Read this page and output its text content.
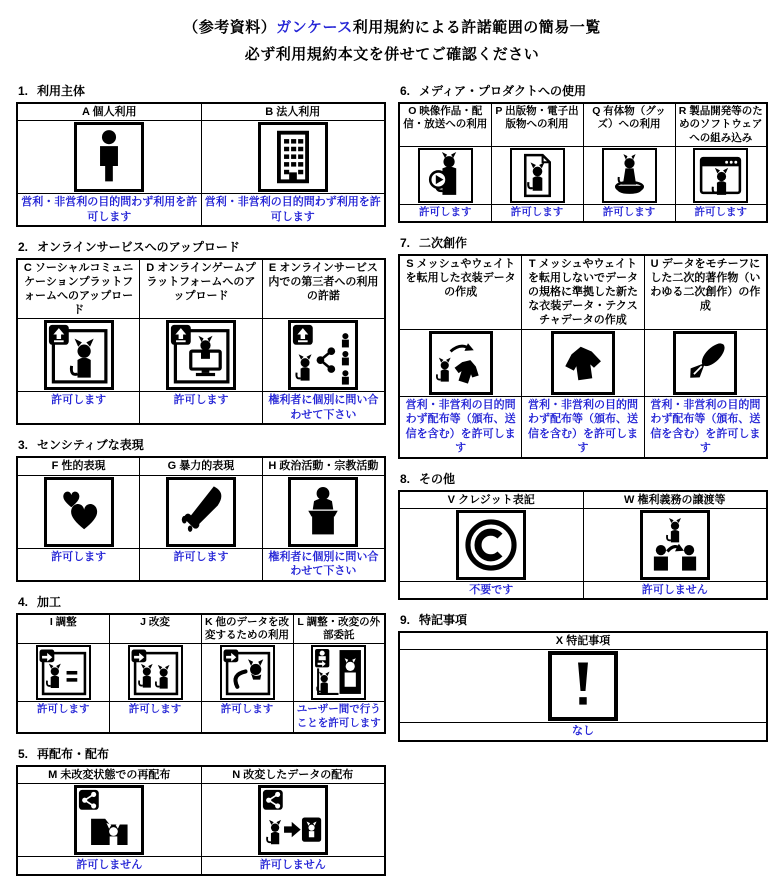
（参考資料）ガンケース利用規約による許諾範囲の簡易一覧
必ず利用規約本文を併せてご確認ください
1. 利用主体
A 個人利用	B 法人利用

営利・非営利の目的問わず利用を許可します	営利・非営利の目的問わず利用を許可します
2. オンラインサービスへのアップロード
C ソーシャルコミュニケーションプラットフォームへのアップロード	D オンラインゲームプラットフォームへのアップロード	E オンラインサービス内での第三者への利用の許諾

許可します	許可します	権利者に個別に問い合わせて下さい
3. センシティブな表現
F 性的表現	G 暴力的表現	H 政治活動・宗教活動

許可します	許可します	権利者に個別に問い合わせて下さい
4. 加工
I 調整	J 改変	K 他のデータを改変するための利用	L 調整・改変の外部委託

許可します	許可します	許可します	ユーザー間で行うことを許可します
5. 再配布・配布
M 未改変状態での再配布	N 改変したデータの配布

許可しません	許可しません
6. メディア・プロダクトへの使用
O 映像作品・配信・放送への利用	P 出版物・電子出版物への利用	Q 有体物（グッズ）への利用	R 製品開発等のためのソフトウェアへの組み込み

許可します	許可します	許可します	許可します
7. 二次創作
S メッシュやウェイトを転用した衣装データの作成	T メッシュやウェイトを転用しないでデータの規格に準拠した新たな衣装データ・テクスチャデータの作成	U データをモチーフにした二次的著作物（いわゆる二次創作）の作成

営利・非営利の目的問わず配布等（頒布、送信を含む）を許可します	営利・非営利の目的問わず配布等（頒布、送信を含む）を許可します	営利・非営利の目的問わず配布等（頒布、送信を含む）を許可します
8. その他
V クレジット表記	W 権利義務の譲渡等

不要です	許可しません
9. 特記事項
X 特記事項

なし
